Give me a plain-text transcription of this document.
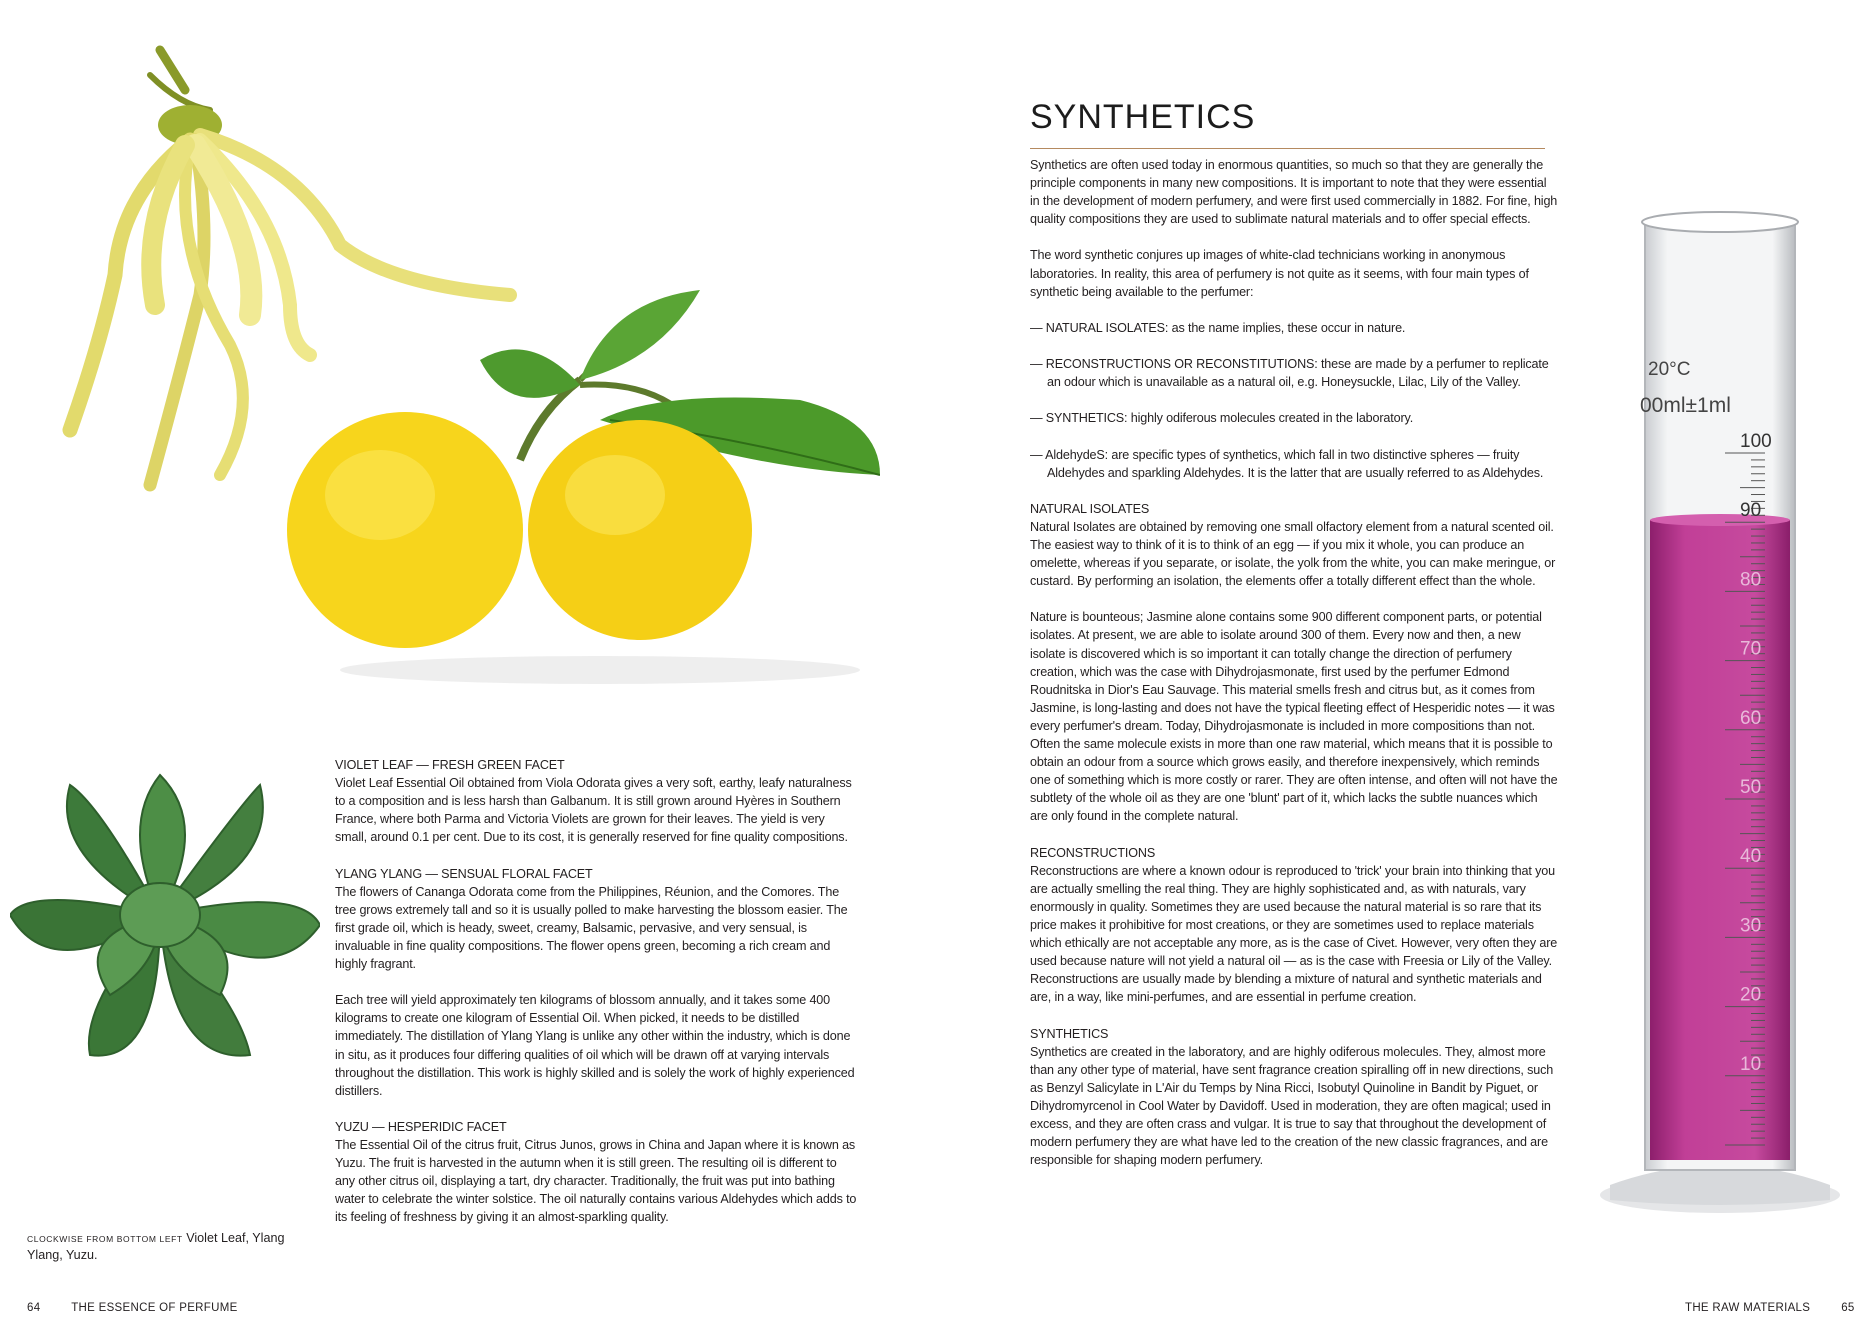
VIOLET LEAF — FRESH GREEN FACET
Violet Leaf Essential Oil obtained from Viola Odorata gives a very soft, earthy, leafy naturalness to a composition and is less harsh than Galbanum. It is still grown around Hyères in Southern France, where both Parma and Victoria Violets are grown for their leaves. The yield is very small, around 0.1 per cent. Due to its cost, it is generally reserved for fine quality compositions.

YLANG YLANG — SENSUAL FLORAL FACET
The flowers of Cananga Odorata come from the Philippines, Réunion, and the Comores. The tree grows extremely tall and so it is usually polled to make harvesting the blossom easier. The first grade oil, which is heady, sweet, creamy, Balsamic, pervasive, and very sensual, is invaluable in fine quality compositions. The flower opens green, becoming a rich cream and highly fragrant.

Each tree will yield approximately ten kilograms of blossom annually, and it takes some 400 kilograms to create one kilogram of Essential Oil. When picked, it needs to be distilled immediately. The distillation of Ylang Ylang is unlike any other within the industry, which is done in situ, as it produces four differing qualities of oil which will be drawn off at varying intervals throughout the distillation. This work is highly skilled and is solely the work of highly experienced distillers.

YUZU — HESPERIDIC FACET
The Essential Oil of the citrus fruit, Citrus Junos, grows in China and Japan where it is known as Yuzu. The fruit is harvested in the autumn when it is still green. The resulting oil is different to any other citrus oil, displaying a tart, dry character. Traditionally, the fruit was put into bathing water to celebrate the winter solstice. The oil naturally contains various Aldehydes which adds to its feeling of freshness by giving it an almost-sparkling quality.

CLOCKWISE FROM BOTTOM LEFT Violet Leaf, Ylang Ylang, Yuzu.
64	THE ESSENCE OF PERFUME
SYNTHETICS

Synthetics are often used today in enormous quantities, so much so that they are generally the principle components in many new compositions. It is important to note that they were essential in the development of modern perfumery, and were first used commercially in 1882. For fine, high quality compositions they are used to sublimate natural materials and to offer special effects.

The word synthetic conjures up images of white-clad technicians working in anonymous laboratories. In reality, this area of perfumery is not quite as it seems, with four main types of synthetic being available to the perfumer:

— NATURAL ISOLATES: as the name implies, these occur in nature.

— RECONSTRUCTIONS OR RECONSTITUTIONS: these are made by a perfumer to replicate an odour which is unavailable as a natural oil, e.g. Honeysuckle, Lilac, Lily of the Valley.

— SYNTHETICS: highly odiferous molecules created in the laboratory.

— AldehydeS: are specific types of synthetics, which fall in two distinctive spheres — fruity Aldehydes and sparkling Aldehydes. It is the latter that are usually referred to as Aldehydes.

NATURAL ISOLATES
Natural Isolates are obtained by removing one small olfactory element from a natural scented oil. The easiest way to think of it is to think of an egg — if you mix it whole, you can produce an omelette, whereas if you separate, or isolate, the yolk from the white, you can make meringue, or custard. By performing an isolation, the elements offer a totally different effect than the whole.

Nature is bounteous; Jasmine alone contains some 900 different component parts, or potential isolates. At present, we are able to isolate around 300 of them. Every now and then, a new isolate is discovered which is so important it can totally change the direction of perfumery creation, which was the case with Dihydrojasmonate, first used by the perfumer Edmond Roudnitska in Dior's Eau Sauvage. This material smells fresh and citrus but, as it comes from Jasmine, is long-lasting and does not have the typical fleeting effect of Hesperidic notes — it was every perfumer's dream. Today, Dihydrojasmonate is included in more compositions than not. Often the same molecule exists in more than one raw material, which means that it is possible to obtain an odour from a source which grows easily, and therefore inexpensively, which reminds one of something which is more costly or rarer. They are often intense, and often will not have the subtlety of the whole oil as they are one 'blunt' part of it, which lacks the subtle nuances which are only found in the complete natural.

RECONSTRUCTIONS
Reconstructions are where a known odour is reproduced to 'trick' your brain into thinking that you are actually smelling the real thing. They are highly sophisticated and, as with naturals, vary enormously in quality. Sometimes they are used because the natural material is so rare that its price makes it prohibitive for most creations, or they are sometimes used to replace materials which ethically are not acceptable any more, as is the case of Civet. However, very often they are used because nature will not yield a natural oil — as is the case with Freesia or Lily of the Valley. Reconstructions are usually made by blending a mixture of natural and synthetic materials and are, in a way, like mini-perfumes, and are essential in perfume creation.

SYNTHETICS
Synthetics are created in the laboratory, and are highly odiferous molecules. They, almost more than any other type of material, have sent fragrance creation spiralling off in new directions, such as Benzyl Salicylate in L'Air du Temps by Nina Ricci, Isobutyl Quinoline in Bandit by Piguet, or Dihydromyrcenol in Cool Water by Davidoff. Used in moderation, they are often magical; used in excess, and they are often crass and vulgar. It is true to say that throughout the development of modern perfumery they are what have led to the creation of the new classic fragrances, and are responsible for shaping modern perfumery.

100
90
80
70
60
50
40
30
20
10
20°C
00ml±1ml
THE RAW MATERIALS	65
